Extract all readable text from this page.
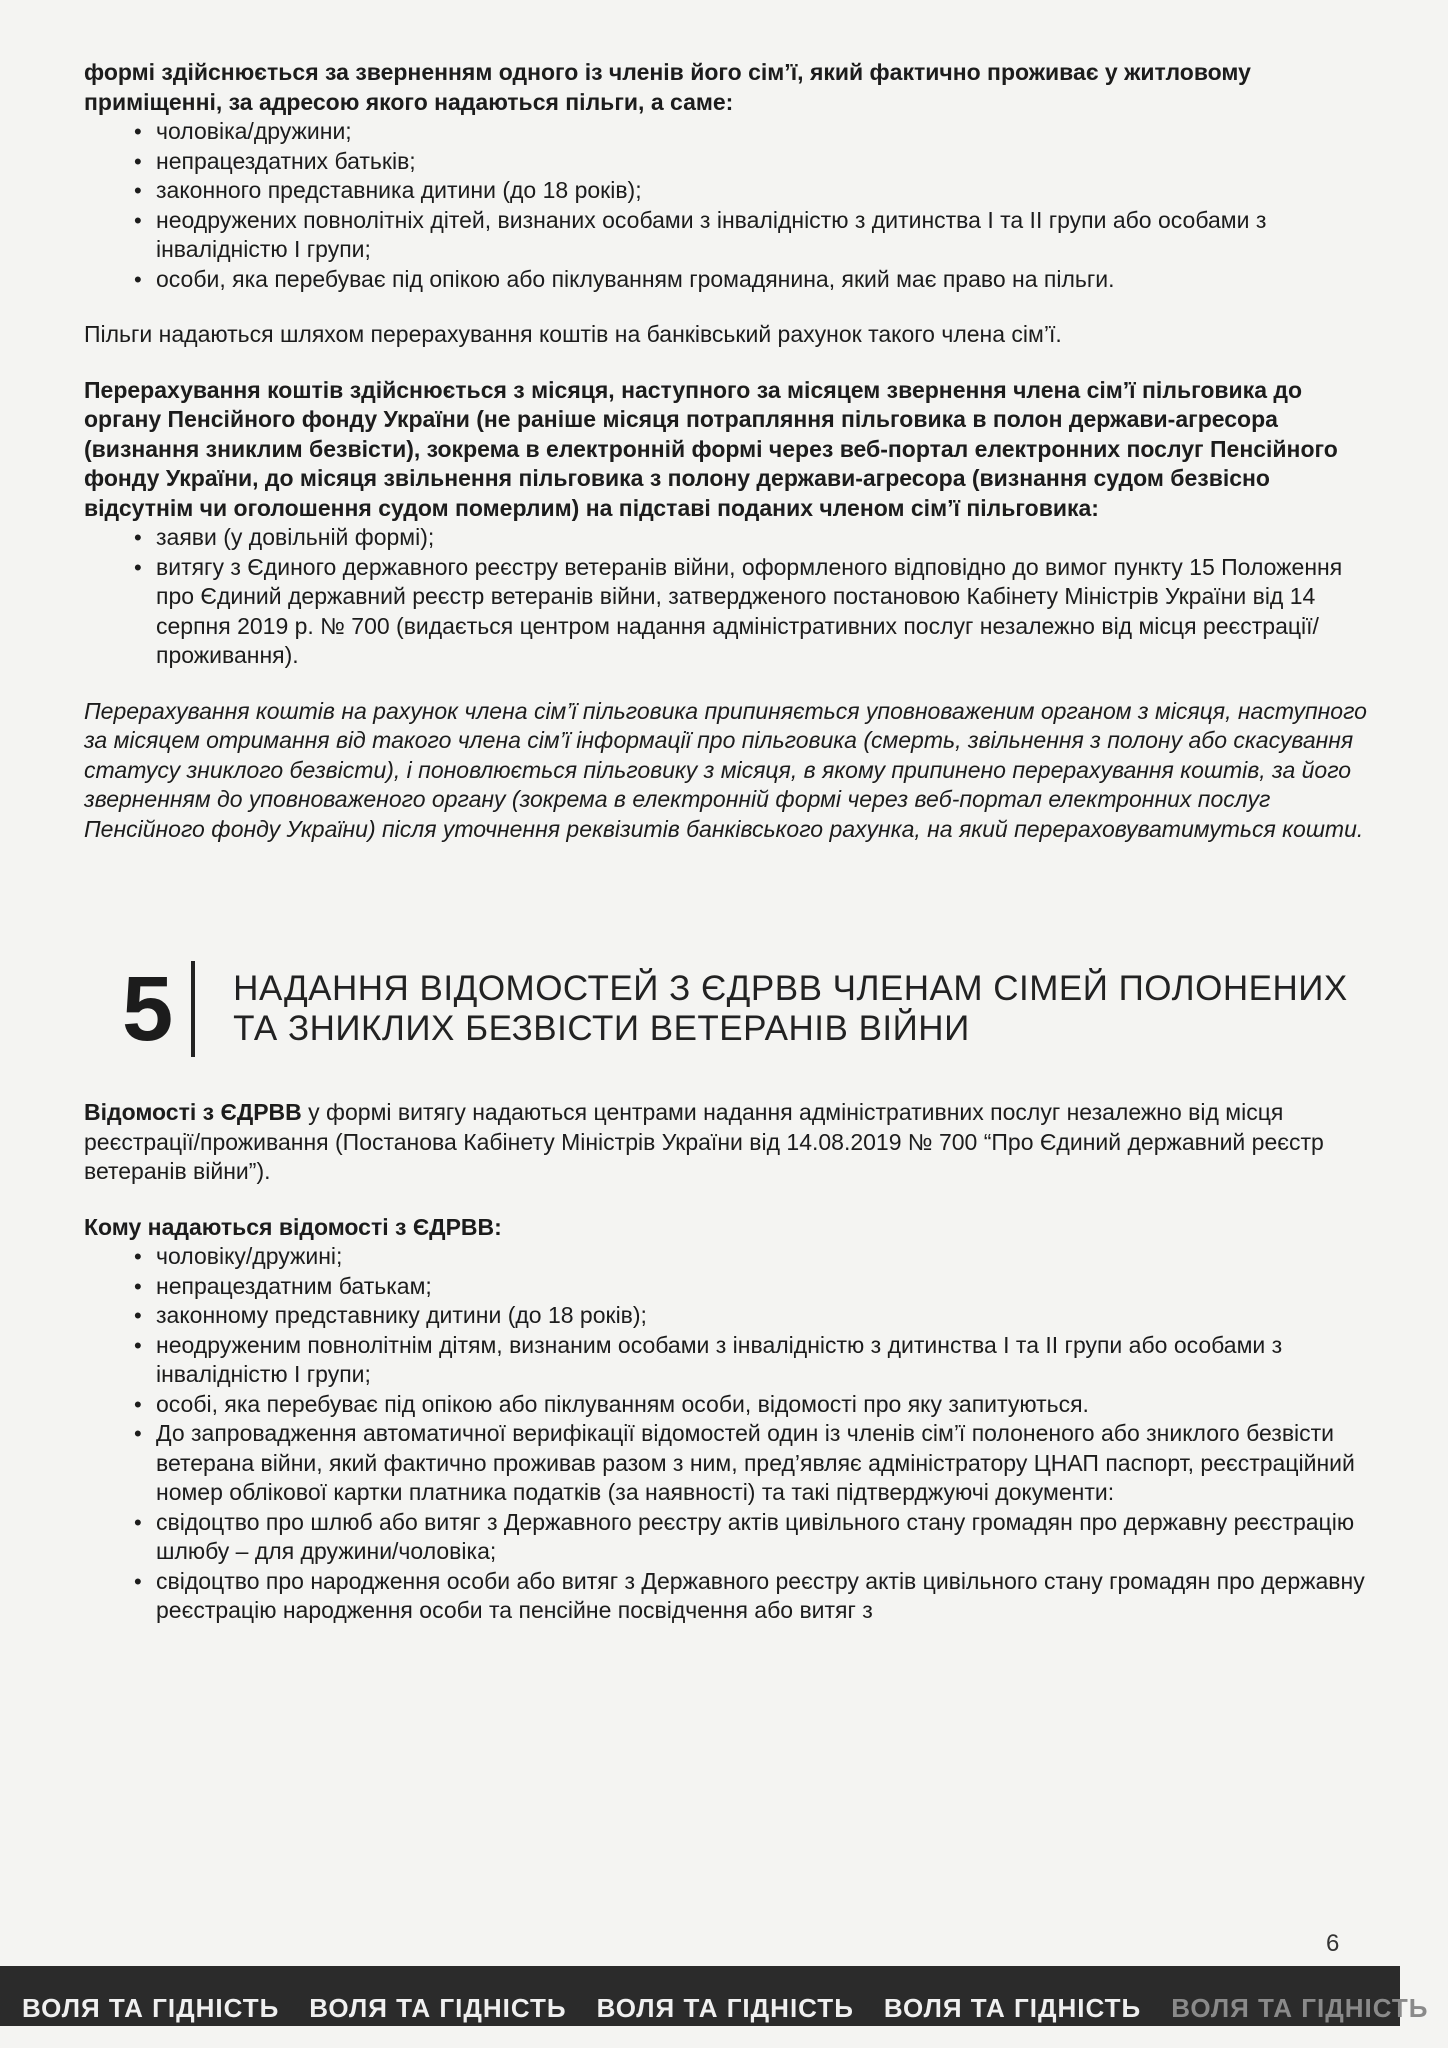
формі здійснюється за зверненням одного із членів його сім’ї, який фактично проживає у житловому приміщенні, за адресою якого надаються пільги, а саме:

• чоловіка/дружини;
• непрацездатних батьків;
• законного представника дитини (до 18 років);
• неодружених повнолітніх дітей, визнаних особами з інвалідністю з дитинства I та II групи або особами з інвалідністю I групи;
• особи, яка перебуває під опікою або піклуванням громадянина, який має право на пільги.

Пільги надаються шляхом перерахування коштів на банківський рахунок такого члена сім’ї.

Перерахування коштів здійснюється з місяця, наступного за місяцем звернення члена сім’ї пільговика до органу Пенсійного фонду України (не раніше місяця потрапляння пільговика в полон держави-агресора (визнання зниклим безвісти), зокрема в електронній формі через веб-портал електронних послуг Пенсійного фонду України, до місяця звільнення пільговика з полону держави-агресора (визнання судом безвісно відсутнім чи оголошення судом померлим) на підставі поданих членом сім’ї пільговика:

• заяви (у довільній формі);
• витягу з Єдиного державного реєстру ветеранів війни, оформленого відповідно до вимог пункту 15 Положення про Єдиний державний реєстр ветеранів війни, затвердженого постановою Кабінету Міністрів України від 14 серпня 2019 р. № 700 (видається центром надання адміністративних послуг незалежно від місця реєстрації/проживання).

Перерахування коштів на рахунок члена сім’ї пільговика припиняється уповноваженим органом з місяця, наступного за місяцем отримання від такого члена сім’ї інформації про пільговика (смерть, звільнення з полону або скасування статусу зниклого безвісти), і поновлюється пільговику з місяця, в якому припинено перерахування коштів, за його зверненням до уповноваженого органу (зокрема в електронній формі через веб-портал електронних послуг Пенсійного фонду України) після уточнення реквізитів банківського рахунка, на який перераховуватимуться кошти.

5	НАДАННЯ ВІДОМОСТЕЙ З ЄДРВВ ЧЛЕНАМ СІМЕЙ ПОЛОНЕНИХ
ТА ЗНИКЛИХ БЕЗВІСТИ ВЕТЕРАНІВ ВІЙНИ

Відомості з ЄДРВВ у формі витягу надаються центрами надання адміністративних послуг незалежно від місця реєстрації/проживання (Постанова Кабінету Міністрів України від 14.08.2019 № 700 “Про Єдиний державний реєстр ветеранів війни”).

Кому надаються відомості з ЄДРВВ:

• чоловіку/дружині;
• непрацездатним батькам;
• законному представнику дитини (до 18 років);
• неодруженим повнолітнім дітям, визнаним особами з інвалідністю з дитинства I та II групи або особами з інвалідністю I групи;
• особі, яка перебуває під опікою або піклуванням особи, відомості про яку запитуються.
• До запровадження автоматичної верифікації відомостей один із членів сім’ї полоненого або зниклого безвісти ветерана війни, який фактично проживав разом з ним, пред’являє адміністратору ЦНАП паспорт, реєстраційний номер облікової картки платника податків (за наявності) та такі підтверджуючі документи:
• свідоцтво про шлюб або витяг з Державного реєстру актів цивільного стану громадян про державну реєстрацію шлюбу – для дружини/чоловіка;
• свідоцтво про народження особи або витяг з Державного реєстру актів цивільного стану громадян про державну реєстрацію народження особи та пенсійне посвідчення або витяг з
6
ВОЛЯ ТА ГІДНІСТЬ ВОЛЯ ТА ГІДНІСТЬ ВОЛЯ ТА ГІДНІСТЬ ВОЛЯ ТА ГІДНІСТЬ ВОЛЯ ТА ГІДНІСТЬ
